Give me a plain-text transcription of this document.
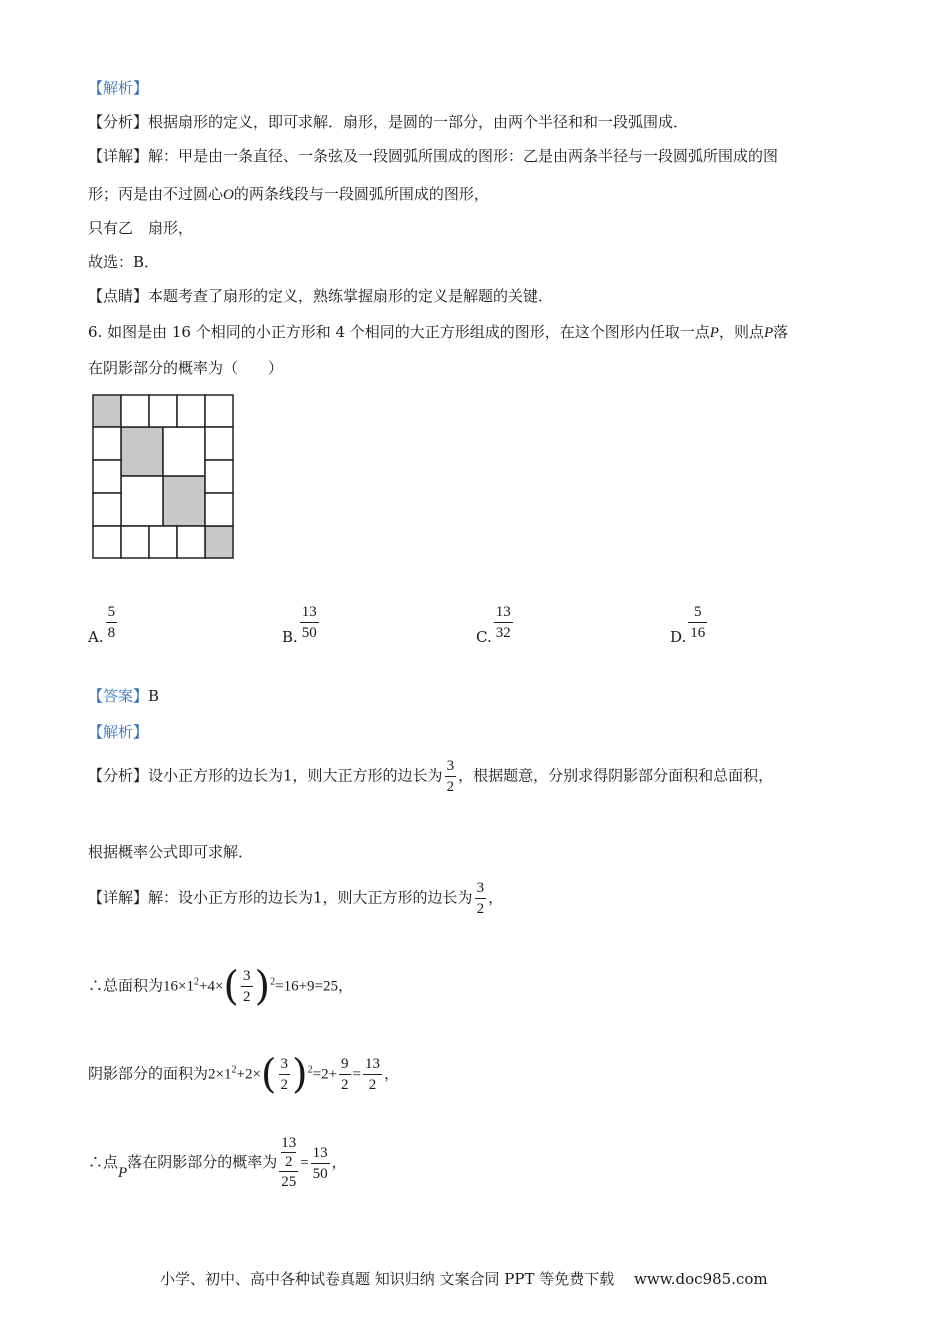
【解析】
【分析】根据扇形的定义，即可求解．扇形，是圆的一部分，由两个半径和和一段弧围成．
【详解】解：甲是由一条直径、一条弦及一段圆弧所围成的图形：乙是由两条半径与一段圆弧所围成的图
形；丙是由不过圆心O的两条线段与一段圆弧所围成的图形，
只有乙　扇形，
故选：B．
【点睛】本题考查了扇形的定义，熟练掌握扇形的定义是解题的关键．
6. 如图是由 16 个相同的小正方形和 4 个相同的大正方形组成的图形，在这个图形内任取一点P，则点P落
在阴影部分的概率为（　　）
A. $\frac{5}{8}$	B. $\frac{13}{50}$	C. $\frac{13}{32}$	D. $\frac{5}{16}$
【答案】B
【解析】
【分析】设小正方形的边长为1，则大正方形的边长为 $\frac{3}{2}$ ，根据题意，分别求得阴影部分面积和总面积，
根据概率公式即可求解．
【详解】解：设小正方形的边长为1，则大正方形的边长为 $\frac{3}{2}$ ，
∴总面积为$16\times 1^2+4\times( \frac{3}{2} )^2=16+9=25$，
阴影部分的面积为$2\times 1^2+2\times( \frac{3}{2} )^2=2+ \frac{9}{2} = \frac{13}{2}$ ，
∴点P落在阴影部分的概率为 13
2
$25 = \frac{13}{50}$ ，
小学、初中、高中各种试卷真题 知识归纳 文案合同 PPT 等免费下载　 www.doc985.com
